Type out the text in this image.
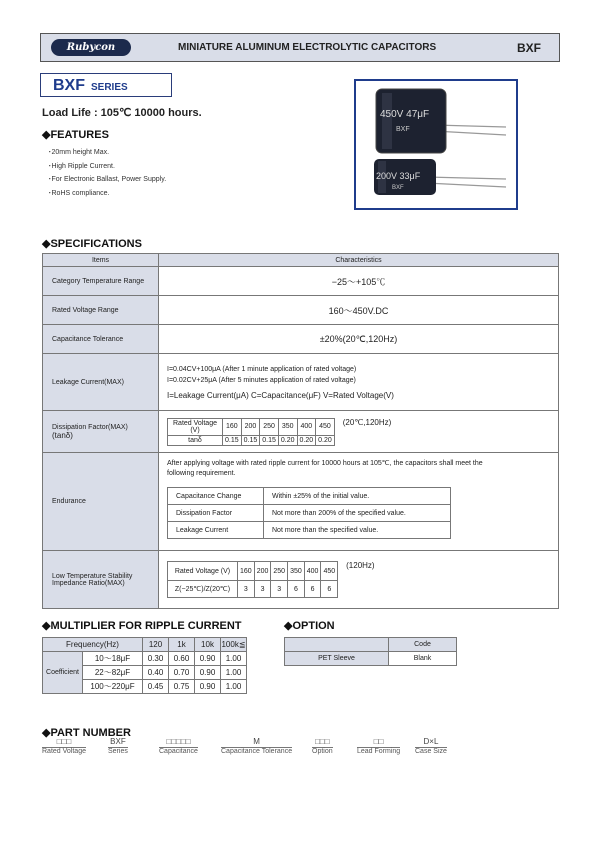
Rubycon	MINIATURE ALUMINUM ELECTROLYTIC CAPACITORS	BXF
BXF SERIES
Load Life : 105℃ 10000 hours.
◆FEATURES
･20mm height Max.
･High Ripple Current.
･For Electronic Ballast, Power Supply.
･RoHS compliance.
450V 47μF
BXF
200V 33μF
BXF
◆SPECIFICATIONS
Items	Characteristics
Category Temperature Range	−25～+105℃
Rated Voltage Range	160～450V.DC
Capacitance Tolerance	±20%(20℃,120Hz)
Leakage Current(MAX)	
I=0.04CV+100μA (After 1 minute application of rated voltage)
I=0.02CV+25μA (After 5 minutes application of rated voltage)
I=Leakage Current(μA) C=Capacitance(μF) V=Rated Voltage(V)

Dissipation Factor(MAX)
(tanδ)

Rated Voltage (V)	160	200	250	350	400	450
tanδ	0.15	0.15	0.15	0.20	0.20	0.20
(20℃,120Hz)

Endurance	
After applying voltage with rated ripple current for 10000 hours at 105℃, the capacitors shall meet the following requirement.
Capacitance Change	Within ±25% of the initial value.
Dissipation Factor	Not more than 200% of the specified value.
Leakage Current	Not more than the specified value.

Low Temperature Stability
Impedance Ratio(MAX)

Rated Voltage (V)	160	200	250	350	400	450
Z(−25℃)/Z(20℃)	3	3	3	6	6	6
(120Hz)
◆MULTIPLIER FOR RIPPLE CURRENT
Frequency(Hz)		120	1k	10k	100k≦
Coefficient	10～18μF	0.30	0.60	0.90	1.00
	22～82μF	0.40	0.70	0.90	1.00
	100～220μF	0.45	0.75	0.90	1.00
◆OPTION
	Code
PET Sleeve	Blank
◆PART NUMBER
□□□
Rated Voltage
BXF
Series
□□□□□
Capacitance
M
Capacitance Tolerance
□□□
Option
□□
Lead Forming
D×L
Case Size
